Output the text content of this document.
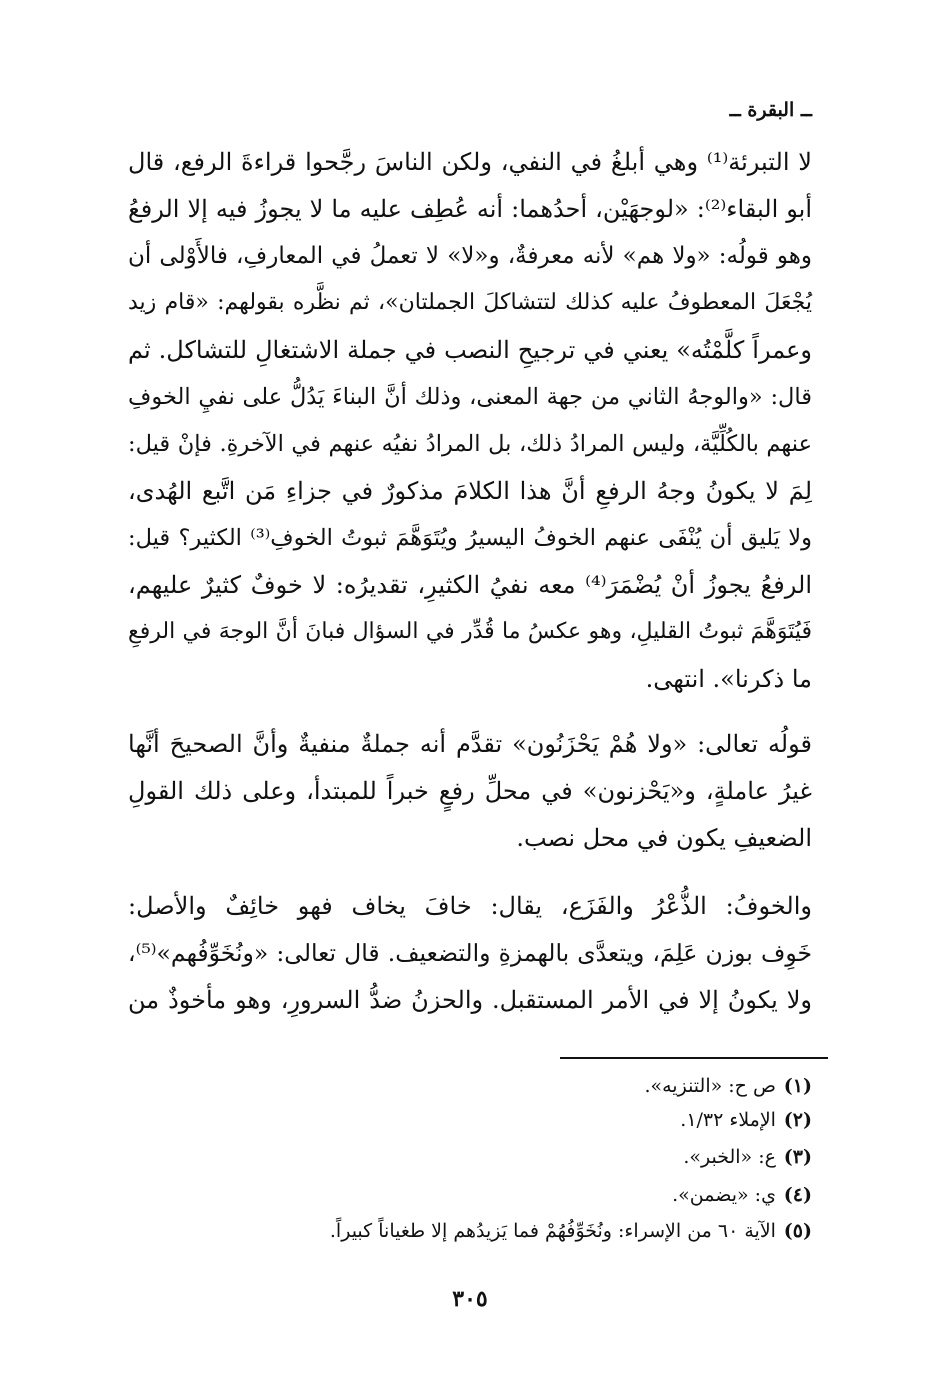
ــ البقرة ــ
لا التبرئة⁽¹⁾ وهي أبلغُ في النفي، ولكن الناسَ رجَّحوا قراءةَ الرفع، قال
أبو البقاء⁽²⁾: «لوجهَيْن، أحدُهما: أنه عُطِف عليه ما لا يجوزُ فيه إلا الرفعُ
وهو قولُه: «ولا هم» لأنه معرفةٌ، و«لا» لا تعملُ في المعارفِ، فالأَوْلى أن
يُجْعَلَ المعطوفُ عليه كذلك لتتشاكلَ الجملتان»، ثم نظَّره بقولهم: «قام زيد
وعمراً كلَّمْتُه» يعني في ترجيحِ النصب في جملة الاشتغالِ للتشاكل. ثم
قال: «والوجهُ الثاني من جهة المعنى، وذلك أنَّ البناءَ يَدُلُّ على نفيِ الخوفِ
عنهم بالكُلِّيَّة، وليس المرادُ ذلك، بل المرادُ نفيُه عنهم في الآخرةِ. فإنْ قيل:
لِمَ لا يكونُ وجهُ الرفعِ أنَّ هذا الكلامَ مذكورٌ في جزاءِ مَن اتَّبع الهُدى،
ولا يَليق أن يُنْفَى عنهم الخوفُ اليسيرُ ويُتَوَهَّمَ ثبوتُ الخوفِ⁽³⁾ الكثير؟ قيل:
الرفعُ يجوزُ أنْ يُضْمَرَ⁽⁴⁾ معه نفيُ الكثيرِ، تقديرُه: لا خوفٌ كثيرٌ عليهم،
فَيُتَوَهَّمَ ثبوتُ القليلِ، وهو عكسُ ما قُدِّر في السؤال فبانَ أنَّ الوجهَ في الرفعِ
ما ذكرنا». انتهى.
قولُه تعالى: «ولا هُمْ يَحْزَنُون» تقدَّم أنه جملةٌ منفيةٌ وأنَّ الصحيحَ أنَّها
غيرُ عاملةٍ، و«يَحْزنون» في محلِّ رفعٍ خبراً للمبتدأ، وعلى ذلك القولِ
الضعيفِ يكون في محل نصب.
والخوفُ: الذُّعْرُ والفَزَع، يقال: خافَ يخاف فهو خائِفٌ والأصل:
خَوِف بوزن عَلِمَ، ويتعدَّى بالهمزةِ والتضعيف. قال تعالى: «ونُخَوِّفُهم»⁽⁵⁾،
ولا يكونُ إلا في الأمر المستقبل. والحزنُ ضدُّ السرورِ، وهو مأخوذٌ من
(١) ص ح: «التنزيه».
(٢) الإملاء ١/٣٢.
(٣) ع: «الخبر».
(٤) ي: «يضمن».
(٥) الآية ٦٠ من الإسراء: ونُخَوِّفُهُمْ فما يَزيدُهم إلا طغياناً كبيراً.
٣٠٥
